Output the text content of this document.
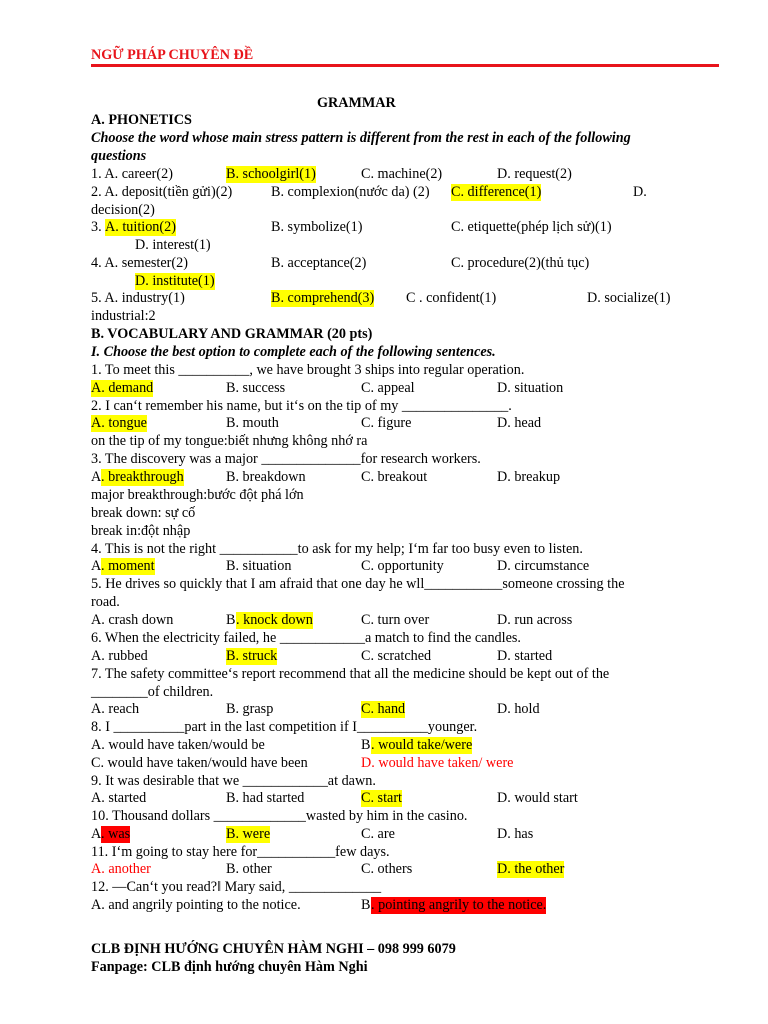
NGỮ PHÁP CHUYÊN ĐỀ
GRAMMAR
A. PHONETICS
Choose the word whose main stress pattern is different from the rest in each of the following
questions
1. A. career(2)	B. schoolgirl(1)	C. machine(2)	D. request(2)
2. A. deposit(tiền gửi)(2)	B. complexion(nước da) (2) C. difference(1)	D.
decision(2)
3. A. tuition(2)	B. symbolize(1)	C. etiquette(phép lịch sử)(1)
D. interest(1)
4. A. semester(2)	B. acceptance(2)	C. procedure(2)(thủ tục)
D. institute(1)
5. A. industry(1)	B. comprehend(3) C . confident(1)	D. socialize(1)
industrial:2
B. VOCABULARY AND GRAMMAR (20 pts)
I. Choose the best option to complete each of the following sentences.
1. To meet this __________, we have brought 3 ships into regular operation.
A. demand	B. success	C. appeal	D. situation
2. I can‘t remember his name, but it‘s on the tip of my _______________.
A. tongue	B. mouth	C. figure	D. head
on the tip of my tongue:biết nhưng không nhớ ra
3. The discovery was a major ______________for research workers.
A . breakthrough	B. breakdown	C. breakout	D. breakup
major breakthrough:bước đột phá lớn
break down: sự cố
break in:đột nhập
4. This is not the right ___________to ask for my help; I‘m far too busy even to listen.
A . moment	B. situation	C. opportunity	D. circumstance
5. He drives so quickly that I am afraid that one day he wll___________someone crossing the
road.
A. crash down	B . knock down	C. turn over	D. run across
6. When the electricity failed, he ____________a match to find the candles.
A. rubbed	B. struck	C. scratched	D. started
7. The safety committee‘s report recommend that all the medicine should be kept out of the
________of children.
A. reach	B. grasp	C. hand	D. hold
8. I __________part in the last competition if I__________younger.
A. would have taken/would be	B . would take/were
C. would have taken/would have been	D. would have taken/ were
9. It was desirable that we ____________at dawn.
A. started	B. had started	C. start	D. would start
10. Thousand dollars _____________wasted by him in the casino.
A . was	B. were	C. are	D. has
11. I‘m going to stay here for___________few days.
A. another	B. other	C. others	D. the other
12. —Can‘t you read?‖ Mary said, _____________
A. and angrily pointing to the notice.	B . pointing angrily to the notice.
CLB ĐỊNH HƯỚNG CHUYÊN HÀM NGHI – 098 999 6079
Fanpage: CLB định hướng chuyên Hàm Nghi
